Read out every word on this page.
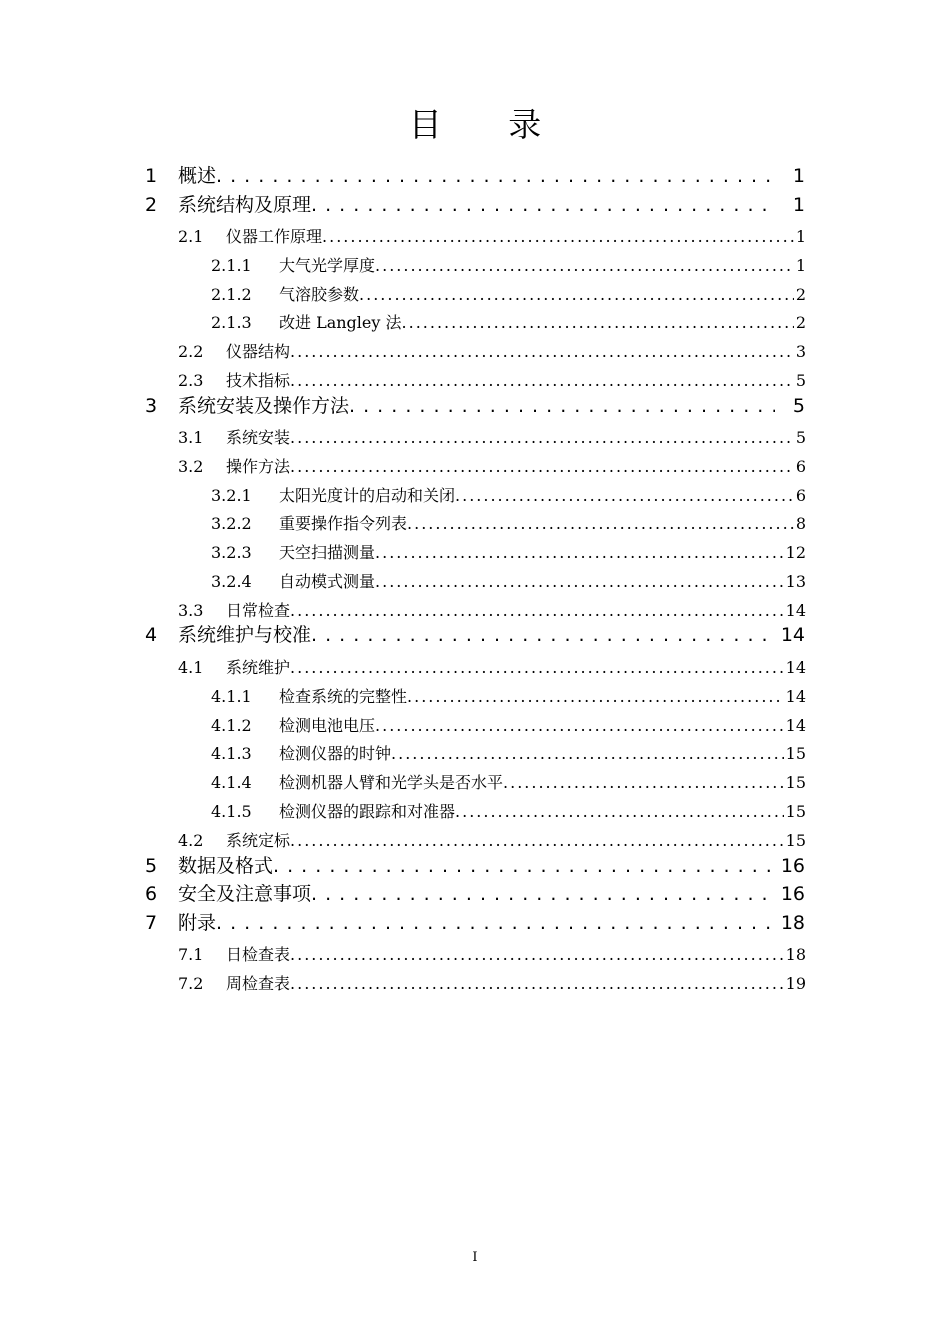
目 录
1	概述 . . .	1
2	系统结构及原理 . . .	1
2.1	仪器工作原理 .....	1
2.1.1	大气光学厚度 .....	1
2.1.2	气溶胶参数 .....	2
2.1.3	改进 Langley 法 .....	2
2.2	仪器结构 .....	3
2.3	技术指标 .....	5
3	系统安装及操作方法 . . .	5
3.1	系统安装 .....	5
3.2	操作方法 .....	6
3.2.1	太阳光度计的启动和关闭 .....	6
3.2.2	重要操作指令列表 .....	8
3.2.3	天空扫描测量 .....	12
3.2.4	自动模式测量 .....	13
3.3	日常检查 .....	14
4	系统维护与校准 . . .	14
4.1	系统维护 .....	14
4.1.1	检查系统的完整性 .....	14
4.1.2	检测电池电压 .....	14
4.1.3	检测仪器的时钟 .....	15
4.1.4	检测机器人臂和光学头是否水平 .....	15
4.1.5	检测仪器的跟踪和对准器 .....	15
4.2	系统定标 .....	15
5	数据及格式 . . .	16
6	安全及注意事项 . . .	16
7	附录 . . .	18
7.1	日检查表 .....	18
7.2	周检查表 .....	19
I
